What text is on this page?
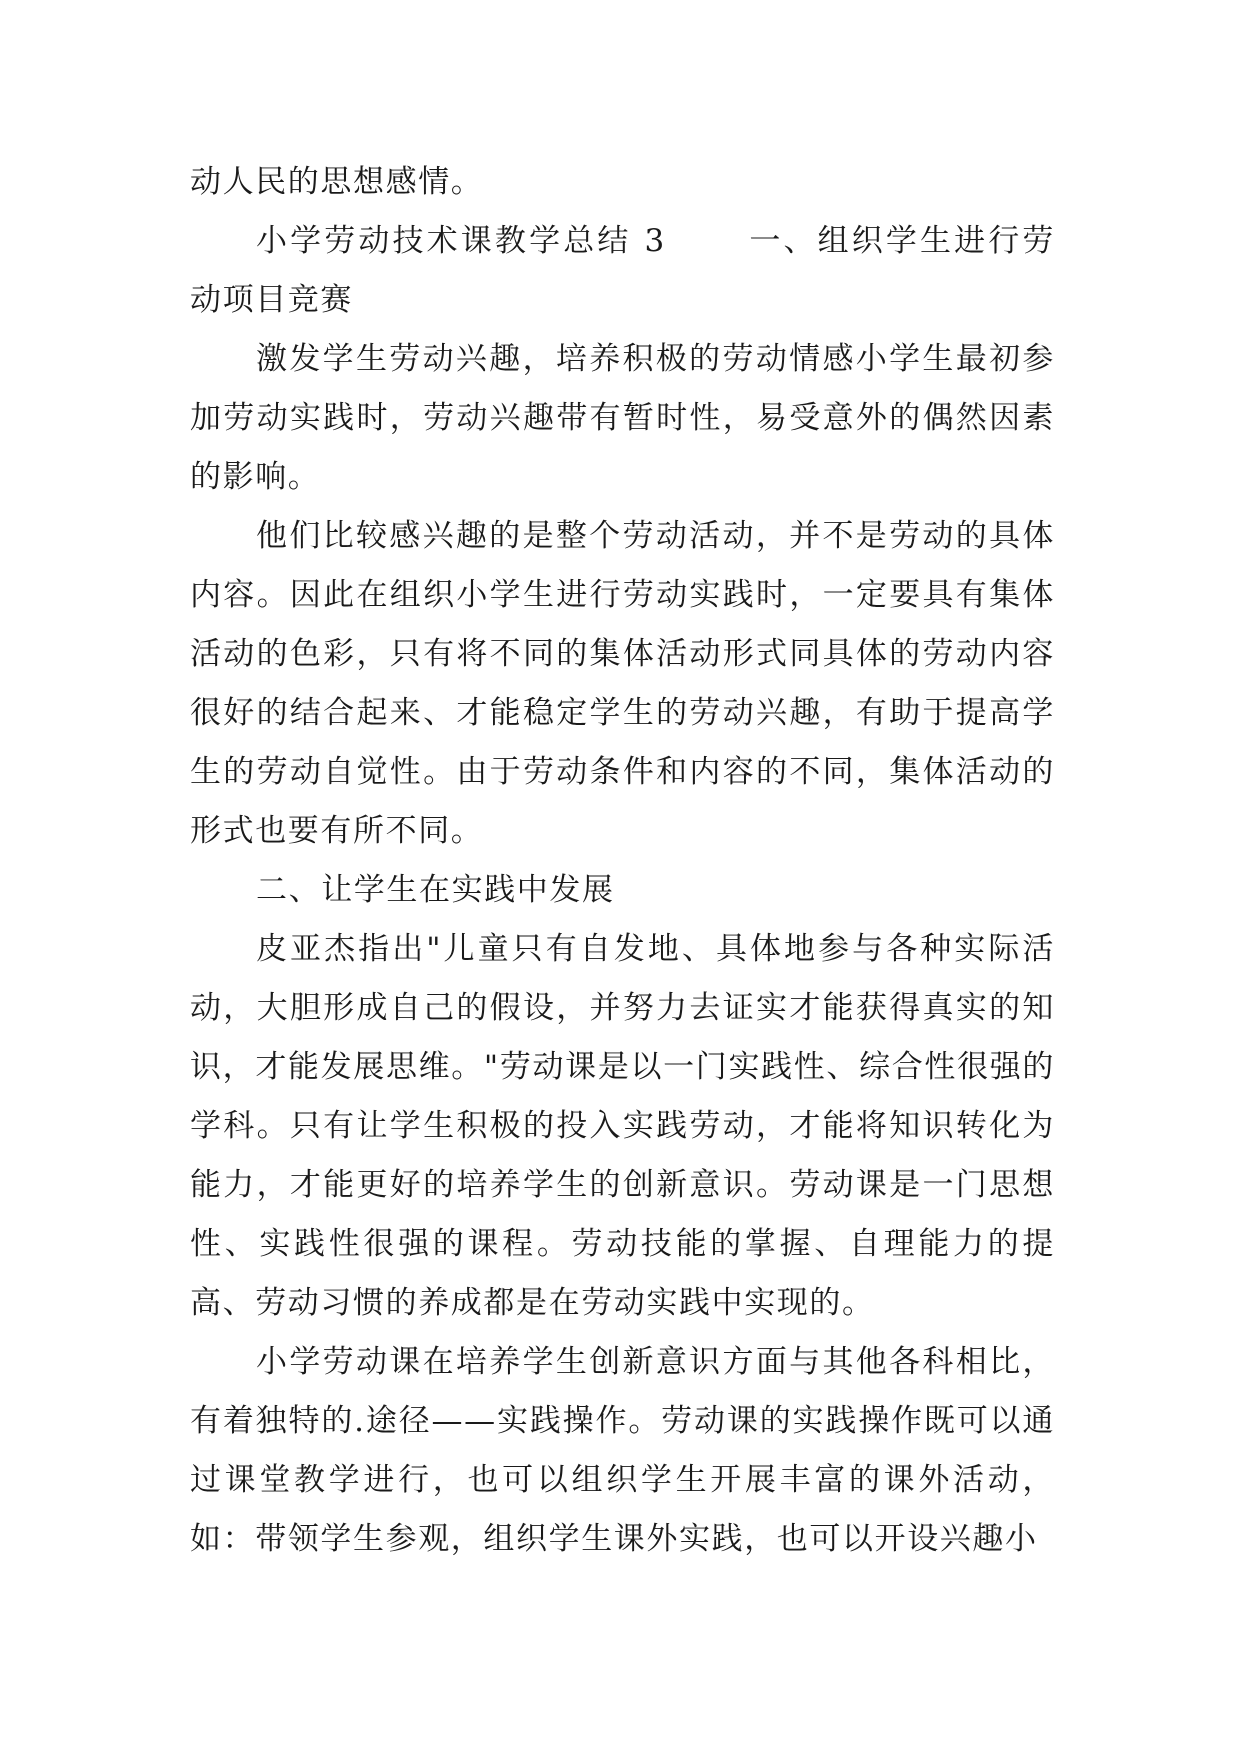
动人民的思想感情。

小学劳动技术课教学总结 3	一、组织学生进行劳动项目竞赛

激发学生劳动兴趣，培养积极的劳动情感小学生最初参加劳动实践时，劳动兴趣带有暂时性，易受意外的偶然因素的影响。

他们比较感兴趣的是整个劳动活动，并不是劳动的具体内容。因此在组织小学生进行劳动实践时，一定要具有集体活动的色彩，只有将不同的集体活动形式同具体的劳动内容很好的结合起来、才能稳定学生的劳动兴趣，有助于提高学生的劳动自觉性。由于劳动条件和内容的不同，集体活动的形式也要有所不同。

二、让学生在实践中发展

皮亚杰指出"儿童只有自发地、具体地参与各种实际活动，大胆形成自己的假设，并努力去证实才能获得真实的知识，才能发展思维。"劳动课是以一门实践性、综合性很强的学科。只有让学生积极的投入实践劳动，才能将知识转化为能力，才能更好的培养学生的创新意识。劳动课是一门思想性、实践性很强的课程。劳动技能的掌握、自理能力的提高、劳动习惯的养成都是在劳动实践中实现的。

小学劳动课在培养学生创新意识方面与其他各科相比，有着独特的.途径——实践操作。劳动课的实践操作既可以通过课堂教学进行，也可以组织学生开展丰富的课外活动，如：带领学生参观，组织学生课外实践，也可以开设兴趣小
